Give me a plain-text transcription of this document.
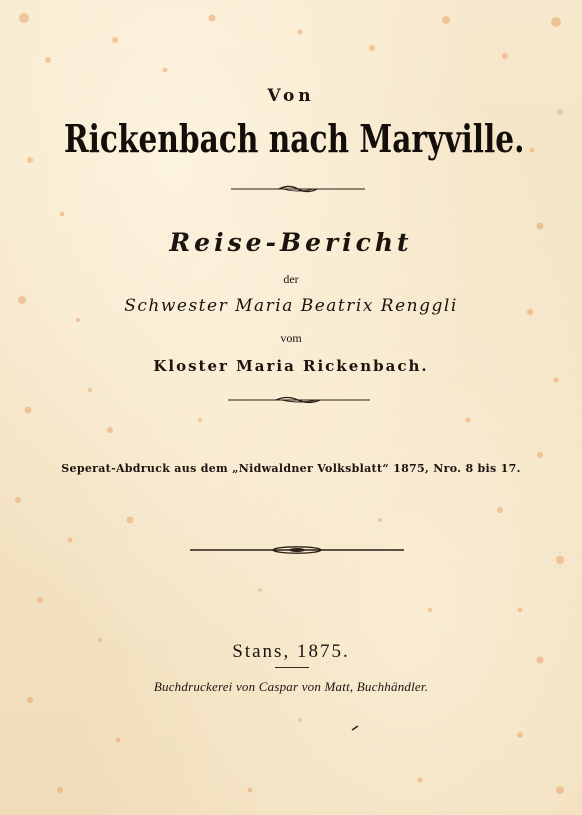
Von
Rickenbach nach Maryville.
Reise-Bericht
der
Schwester Maria Beatrix Renggli
vom
Kloster Maria Rickenbach.
Seperat-Abdruck aus dem „Nidwaldner Volksblatt“ 1875, Nro. 8 bis 17.
Stans, 1875.
Buchdruckerei von Caspar von Matt, Buchhändler.
